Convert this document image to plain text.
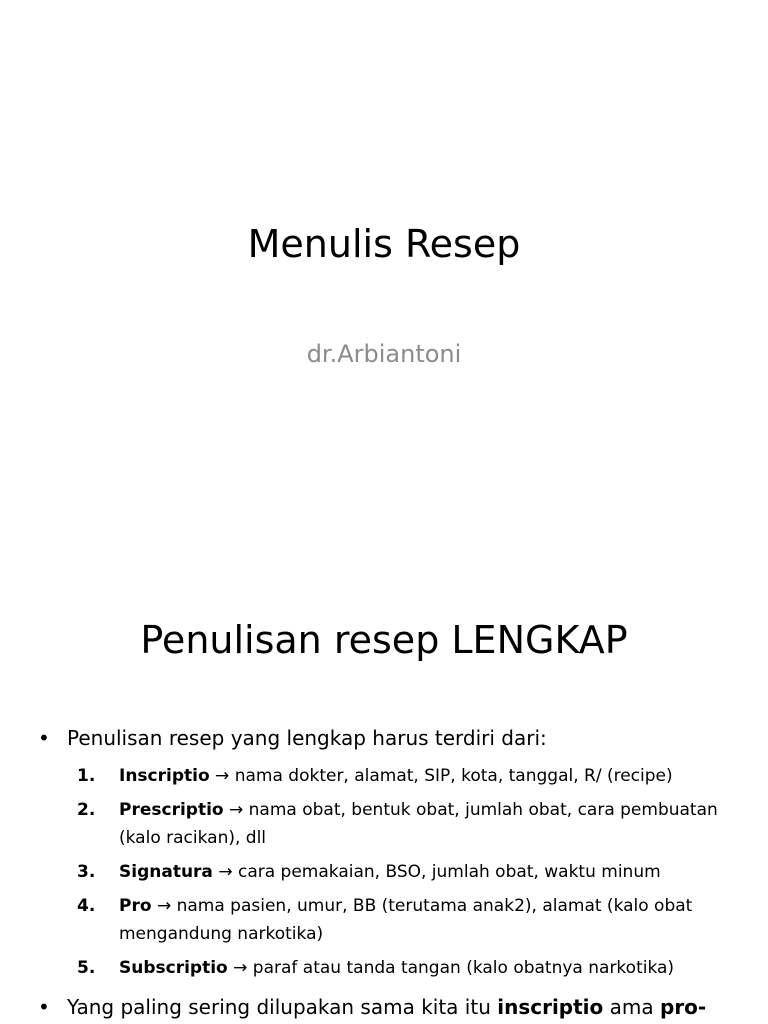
Menulis Resep
dr.Arbiantoni
Penulisan resep LENGKAP
• Penulisan resep yang lengkap harus terdiri dari:
1. Inscriptio → nama dokter, alamat, SIP, kota, tanggal, R/ (recipe)
2. Prescriptio → nama obat, bentuk obat, jumlah obat, cara pembuatan (kalo racikan), dll
3. Signatura → cara pemakaian, BSO, jumlah obat, waktu minum
4. Pro → nama pasien, umur, BB (terutama anak2), alamat (kalo obat mengandung narkotika)
5. Subscriptio → paraf atau tanda tangan (kalo obatnya narkotika)
• Yang paling sering dilupakan sama kita itu inscriptio ama pro-
